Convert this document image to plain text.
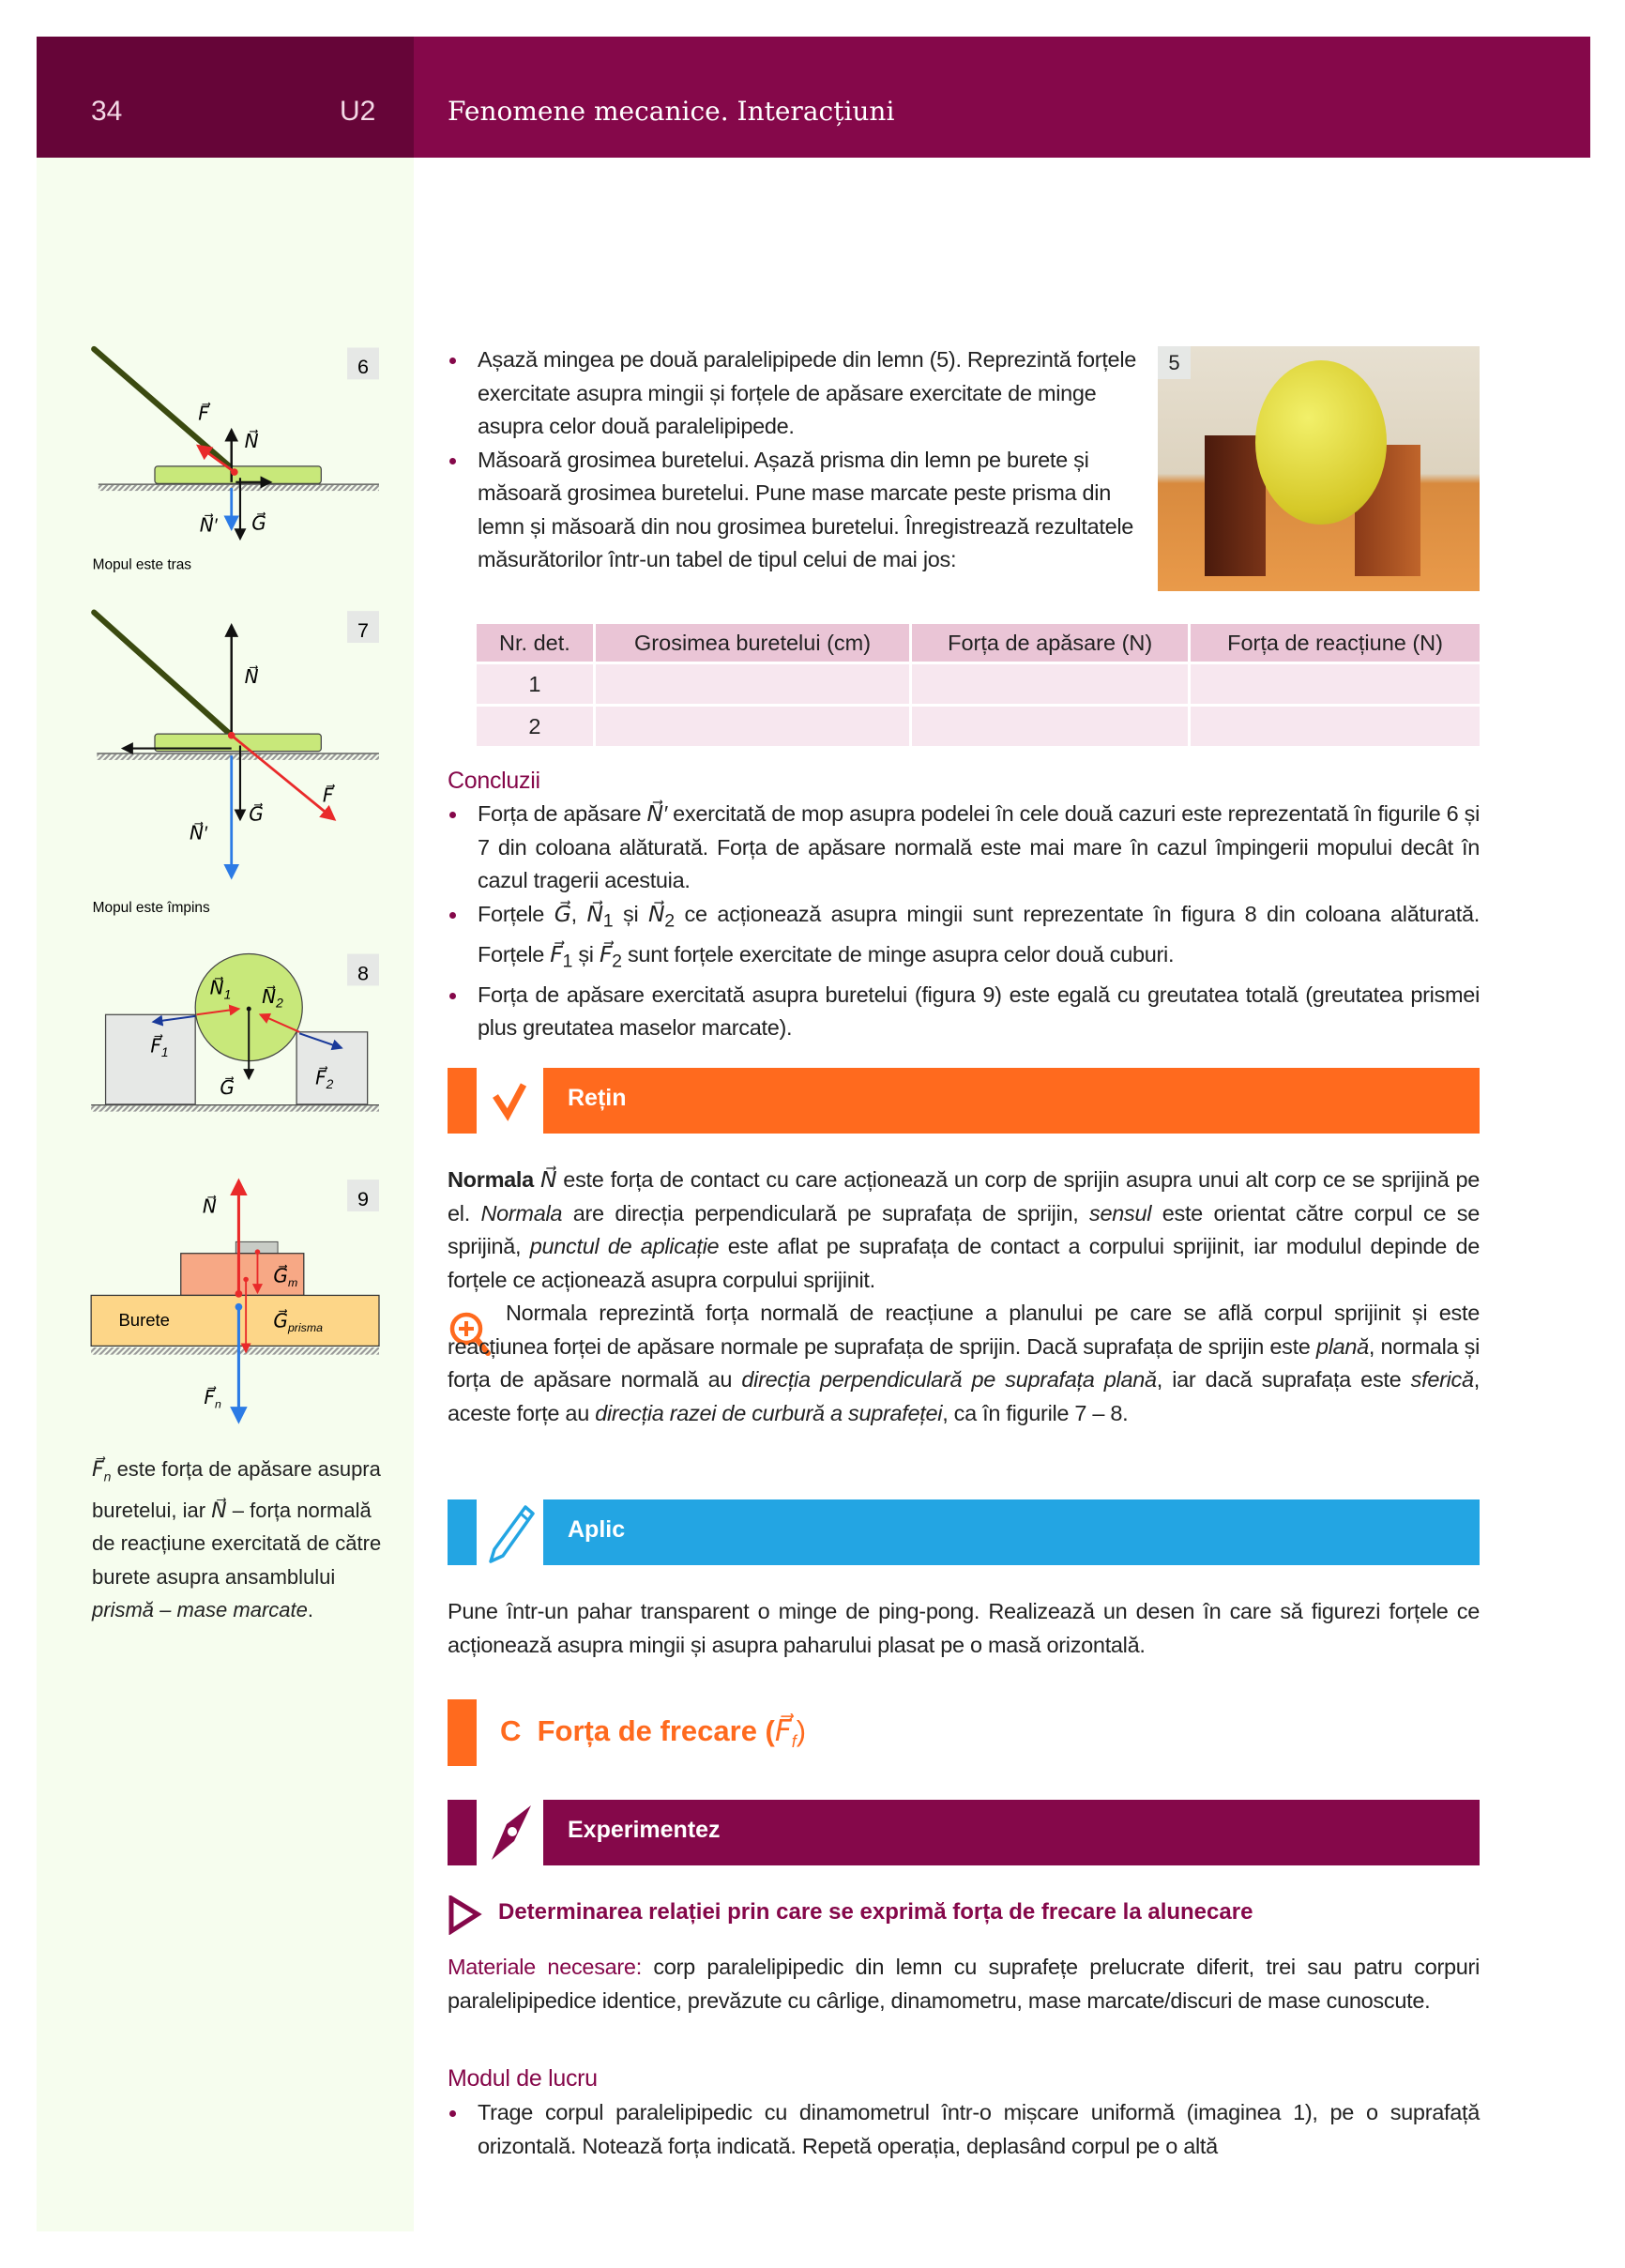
34	U2	Fenomene mecanice. Interacțiuni
6
F⃗
N⃗
N⃗′	G⃗
Mopul este tras
7
N⃗
G⃗
N⃗′
F⃗
Mopul este împins
8
$N⃗_1$	$N⃗_2$
$F⃗_1$
$F⃗_2$
G⃗
9
Burete
N⃗
$G⃗_m$
$G⃗_{prisma}$
$F⃗_n$
$F⃗_n$ este forța de apăsare asupra buretelui, iar N⃗ – forța normală de reacțiune exercitată de către burete asupra ansamblului prismă – mase marcate.
Așază mingea pe două paralelipipede din lemn (5). Reprezintă forțele exercitate asupra mingii și forțele de apăsare exercitate de minge asupra celor două paralelipipede.
Măsoară grosimea buretelui. Așază prisma din lemn pe burete și măsoară grosimea buretelui. Pune mase marcate peste prisma din lemn și măsoară din nou grosimea buretelui. Înregistrează rezultatele măsurătorilor într-un tabel de tipul celui de mai jos:
5
Nr. det.	Grosimea buretelui (cm)	Forța de apăsare (N)	Forța de reacțiune (N)
1			
2			
Concluzii
Forța de apăsare N⃗′ exercitată de mop asupra podelei în cele două cazuri este reprezentată în figurile 6 și 7 din coloana alăturată. Forța de apăsare normală este mai mare în cazul împingerii mopului decât în cazul tragerii acestuia.
Forțele G⃗, $N⃗_1$ și $N⃗_2$ ce acționează asupra mingii sunt reprezentate în figura 8 din coloana alăturată. Forțele $F⃗_1$ și $F⃗_2$ sunt forțele exercitate de minge asupra celor două cuburi.
Forța de apăsare exercitată asupra buretelui (figura 9) este egală cu greutatea totală (greutatea prismei plus greutatea maselor marcate).
Rețin
Normala N⃗ este forța de contact cu care acționează un corp de sprijin asupra unui alt corp ce se sprijină pe el. Normala are direcția perpendiculară pe suprafața de sprijin, sensul este orientat către corpul ce se sprijină, punctul de aplicație este aflat pe suprafața de contact a corpului sprijinit, iar modulul depinde de forțele ce acționează asupra corpului sprijinit.
Normala reprezintă forța normală de reacțiune a planului pe care se află corpul sprijinit și este reacțiunea forței de apăsare normale pe suprafața de sprijin. Dacă suprafața de sprijin este plană, normala și forța de apăsare normală au direcția perpendiculară pe suprafața plană, iar dacă suprafața este sferică, aceste forțe au direcția razei de curbură a suprafeței, ca în figurile 7 – 8.
Aplic
Pune într-un pahar transparent o minge de ping-pong. Realizează un desen în care să figurezi forțele ce acționează asupra mingii și asupra paharului plasat pe o masă orizontală.
C Forța de frecare $(F⃗_f)$
Experimentez
Determinarea relației prin care se exprimă forța de frecare la alunecare
Materiale necesare: corp paralelipipedic din lemn cu suprafețe prelucrate diferit, trei sau patru corpuri paralelipipedice identice, prevăzute cu cârlige, dinamometru, mase marcate/discuri de mase cunoscute.
Modul de lucru
Trage corpul paralelipipedic cu dinamometrul într-o mișcare uniformă (imaginea 1), pe o suprafață orizontală. Notează forța indicată. Repetă operația, deplasând corpul pe o altă
